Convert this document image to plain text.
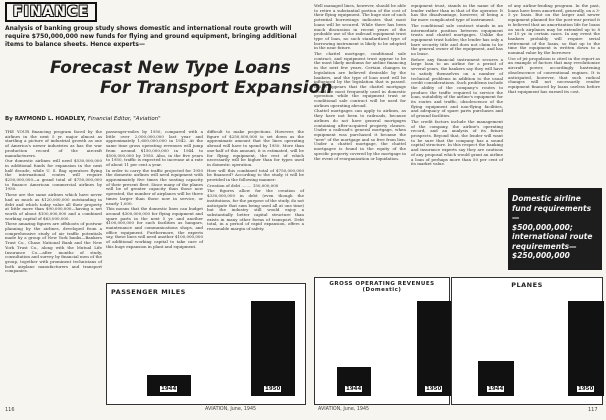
FINANCE
Analysis of banking group study shows domestic and international route growth will require $750,000,000 new funds for flying and ground equipment, bringing additional items to balance sheets. Hence experts—
Forecast New Type Loans
For Transport Expansion
By RAYMOND L. HOADLEY, Financial Editor, "Aviation"

THE YOUR financing program faced by the airlines in the next 5 yr. major almost as startling a picture of industrial growth as one of America's newer industries as has the war production record of the aircraft manufacturers.

Our domestic airlines will need $530,000,000 in additional funds for expansion in the next half decade, while U. S. flag operators flying the international routes will require $250,000,000—a grand total of $750,000,000 to finance American commercial airlines by 1950.

These are the same airlines which have never had as much as $120,000,000 outstanding in debt and which today value all their property at little more than $90,000,000—having a net worth of about $100,000,000 and a combined working capital of $63,000,000.

These amazing figures are offshoots of postwar planning by the airlines, developed from a comprehensive study of air traffic potentials made by a group of New York banks—Bankers Trust Co., Chase National Bank and the New York Trust Co., along with the Mutual Life Insurance Co.—after months of study, consultation and survey by financial men of the group, together with prominent technicians of both airplane manufacturers and transport companies.

passenger-miles by 1950, compared with a little over 2,000,000,000 last year and approximately 1,600,000,000 in 1942. At the same time gross operating revenues will jump from around $150,000,000 in 1944 to $500,000,000 by 1950. Also, in the five years to 1950, traffic is expected to increase at a rate of about 11 per cent a year.

In order to carry the traffic projected for 1950 the domestic airlines will need equipment with approximately five times the seating capacity of their present fleet. Since many of the planes will be of greater capacity than those now operated, the number of airplanes will be three times larger than those now in service, or nearly 1,000.

This means that the domestic lines can budget around $300,000,000 for flying equipment and spare parts in the next 5 yr. and another $100,000,000 for such facilities as hangars, maintenance and communications shops, and office equipment. Furthermore, the experts say, these lines will need another $100,000,000 of additional working capital to take care of this huge expansion in plant and equipment.

difficult to make projections. However, the figure of $250,000,000 is set down as the approximate amount that the lines operating abroad will have to spend by 1950. More than one-half of this amount, it is estimated, will be for flying equipment, the rest of which necessarily will be higher than for types used in domestic operation.

How will this combined total of $750,000,000 be financed? According to the study, it will be provided in the following manner:

Creation of debt ........ 150,000,000

The figures allow for the creation of $330,000,000 in debt (even though the institutions, for the purpose of the study, do not anticipate that sum being used all at one time) but the industry still would enjoy a substantially better capital structure than exists in many other forms of transport. Debt total, in a period of rapid expansion, offers a reasonable margin of safety.

Well managed lines, however, should be able to retire a substantial portion of the cost of their flying equipment. The huge size of such potential borrowings indicates that most loans will be secured. While there has been much discussion in recent years of the probable use of the railroad equipment trust type of loan, no such standardized type of borrowing instrument is likely to be adopted in the near future.

The chattel mortgage, conditional sale contract, and equipment trust appear to be the most likely mediums for airline financing in the next few years. Certain changes in legislation are believed desirable by the bankers, and the type of loan used will be influenced by the legislation that is passed. But it appears that the chattel mortgage would be most frequently used in domestic operation while the equipment trust or conditional sale contract will be used for airlines operating abroad.

Chattel mortgages can apply to airlines, as they have not been to railroads, because airlines do not have general mortgages containing after-acquired property clauses. Under a railroad's general mortgage, when equipment was purchased it became the "new" of the mortgage and so free from lien. Under a chattel mortgage, the chattel mortgagee is found in the equity of the specific property covered by the mortgage in the event of reorganization or liquidation.

equipment trust, stands in the name of the lender rather than in that of the operator. It has the disadvantage, however, of being a far more complicated type of instrument.

The conditional sale contract stands in an intermediate position between equipment trusts and chattel mortgages. Unlike the equipment trust holder, the lender has only a bare security title and does not claim to be the general owner of the equipment, and has no lease.

Before any financial instrument secures a large loan to an airline for a period of several years, the bankers say they will have to satisfy themselves on a number of technical problems in addition to the usual credit considerations. Such problems include the ability of the company's routes to produce the traffic required to service the loan, suitability of the airline's equipment for its routes and traffic, obsolescence of the flying equipment and non-flying facilities, and adequacy of spare parts purchases and of ground facilities.

The credit factors include the management of the company, the airline's operating record, and an analysis of its future prospects. Beyond that, the lender will want to be sure that the company has a sound capital structure. In this respect the banking and insurance experts say they are cautious of any proposal which would grant an airline a loan of perhaps more than 50 per cent of its market value.

of any airline-lending program. In the past, loans have been amortized, generally, on a 3-5 yr. basis. But on the larger and newer equipment planned for the post-war period it is believed that an amortization life for loans on such airplanes may be extended up to 8 or 10 yr. in certain cases. In any event the bankers probably will require serial retirement of the loans, so that up to the time the equipment is written down to a nominal value by the borrower.

Use of jet propulsion is cited in the report as an example of factors that may revolutionize aircraft power, accordingly hastening obsolescence of conventional engines. It is anticipated, however, that such radical changes will not necessarily render equipment financed by loans useless before that equipment has earned its cost.

PASSENGER MILES
1944	1950
GROSS OPERATING REVENUES (Domestic)
1944	1950
PLANES
1944	1950
Domestic airline
fund requirements—
$500,000,000;
international route
requirements—
$250,000,000
116	AVIATION, June, 1945	AVIATION, June, 1945	117
